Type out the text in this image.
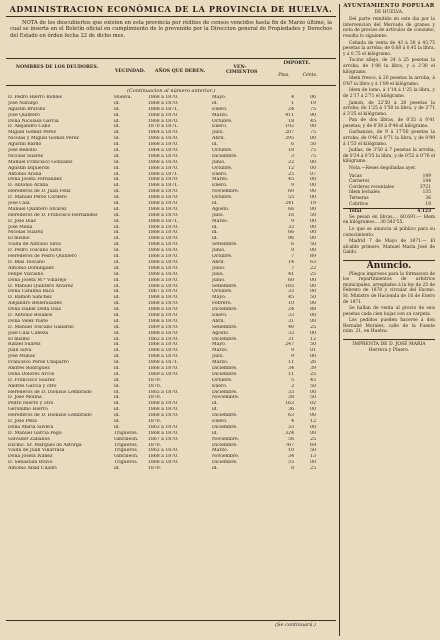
ADMINISTRACION ECONÓMICA DE LA PROVINCIA DE HUELVA.
NOTA de los descubiertos que existen en esta provincia por réditos de censos vencidos hasta fin de Marzo último, la cual se inserta en el Boletín oficial en cumplimiento de lo prevenido por la Direccion general de Propiedades y Derechos del Estado en órden fecha 22 de dicho mes.
NOMBRES DE LOS DEUDORES.
VECINDAD.	AÑOS QUE DEBEN.
VEN- CIMIENTOS
IMPORTE.
Ptas.	Cénts.
(Continuacion al número anterior.)
D. Pedro Hierro Robles	Huelva.	1868 á 1870.	Mayo.	4	06
José Naranjo	id.	1868 á 1870.	id.	1	19
Agustin Bravillo	id.	1868 á 1871.	Enero.	24	75
José Quintero	id.	1868 á 1870.	Marzo.	411	90
Doña Nicolasa Garcia	id.	1868 á 1870.	Octubre.	18	45
D. Alejandro Cano	id.	1870 á 1871.	Enero.	192	00
Miguel Gomez Perez	id.	1864 á 1870.	Julio.	207	75
Nicolás y Miguel Gomez Perez	id.	1866 á 1870.	Abril.	295	00
Agustin Bardo	id.	1868 á 1870.	id.	6	50
José Rebollo	id.	1864 á 1870.	Octubre.	18	75
Nicolás Suarez	id.	1868 á 1870.	Diciembre.	3	75
Manuel Francisco Gonzalez	id.	1868 á 1870.	Junio.	22	00
Agustin Izquierdo	id.	1868 á 1870.	Octubre.	12	00
Antonio Arana	id.	1868 á 1871.	Enero.	25	07
Doña Josefa Fernandez	id.	1868 á 1870.	Marzo.	45	00
D. Antonio Arana	id.	1868 á 1871.	Enero.	9	00
Herederos de D. Juan Feliz	id.	1868 á 1870.	Noviembre.	60	00
D. Manuel Perez Cordero	id.	1868 á 1870.	Octubre.	55	00
José Cala	id.	1868 á 1870.	id.	241	19
Manuel Quintero Alvarez	id.	1868 á 1870.	Agosto.	66	00
Herederos de D. Francisco Hernandez	id.	1868 á 1870.	Julio.	16	50
D. José Diaz	id.	1868 á 1871.	Marzo.	9	00
José Mena	id.	1868 á 1870.	id.	33	00
Nicolás Suarez	id.	1868 á 1870.	id.	66	00
El mismo	id.	1868 á 1870.	id.	96	00
Viuda de Antonio Silva	id.	1868 á 1870.	Setiembre.	6	50
D. Pedro Toscano Silva	id.	1868 á 1870.	Junio.	9	00
Herederos de Pedro Quintero	id.	1868 á 1870.	Octubre.	7	89
D. Blas Toscano	id.	1868 á 1870.	Abril.	14	63
Antonio Dominguez	id.	1868 á 1870.	Junio.	7	22
Felipe Vizcaino	id.	1868 á 1870.	Julio.	41	25
Doña Josefa M.ª Villarejo	id.	1868 á 1870.	Junio.	60	00
D. Manuel Quintero Alvarez	id.	1868 á 1870.	Setiembre.	165	00
Doña Catalina Baca	id.	1867 á 1870.	Octubre.	33	00
D. Ramon Sanchez	id.	1868 á 1870.	Mayo.	45	50
Alejandro Bellerasades	id.	1868 á 1870.	Febrero.	10	00
Doña Isabel Doda Diaz	id.	1868 á 1870.	Diciembre.	24	88
D. Antonio Bolaños	id.	1868 á 1870.	Enero.	33	00
Doña Velez Yuste	id.	1868 á 1870.	Abril.	31	00
D. Manuel Toscano Gallardo	id.	1869 á 1870.	Setiembre.	40	25
José Cala Cabeza	id.	1868 á 1870.	Agosto.	33	00
El mismo	id.	1862 á 1870.	Diciembre.	31	12
Rafael Suarez	id.	1866 á 1870.	Mayo.	247	50
Juan Silva	id.	1866 á 1870.	Marzo.	9	01
José Muñoz	id.	1868 á 1870.	Julio.	9	00
Francisco Perez Chaparro	id.	1868 á 1871.	Marzo.	11	26
Andrés Rodriguez	id.	1868 á 1870.	Diciembre.	34	39
Doña Dolores Arcos	id.	1869 á 1870.	Diciembre.	11	25
D. Francisco Suarez	id.	1870.	Octubre.	5	45
Andrés Garcia y otro	id.	1870.	Enero.	2	50
Herederos de D. Dionisio Lembrado	id.	1865 á 1870.	Diciembre.	33	00
D. José Molina	id.	1870.	Noviembre.	38	50
Pedro Hierro y otro	id.	1868 á 1870.	id.	163	02
Gerónimo Hierro	id.	1868 á 1870.	id.	36	00
Herederos de D. Dionisio Lembrado	id.	1868 á 1870.	Diciembre.	63	00
D. José Pena	id.	1870.	Enero.	4	12
Doña María Silvera	id.	1863 á 1870.	Diciembre.	33	00
D. Manuel Garcia Pego	Trigueros.	1868 á 1870.	id.	324	00
Salvador Zaballos	Gibraleon.	1867 á 1870.	Noviembre.	56	25
Excmo. Sr. Marqués de Astorga	Trigueros.	1870.	Diciembre.	767	69
Viuda de Juan Villarrasa	Trigueros.	1862 á 1870.	Marzo.	10	50
Doña Josefa Ivañez	Gibraleon.	1868 á 1870.	Noviembre.	34	13
D. Sebastian Bravo	Trigueros.	1868 á 1870.	Diciembre.	55	00
Antonio Abad Cuadri	id.	1870.	id.	8	25
(Se continuará.)
AYUNTAMIENTO POPULAR
DE HUELVA.

Del parte remitido en este dia por la intervencion del Mercado de granos y nota de precios de artículos de consumo, resulta lo siguiente:

Cebada de venta de 43 á 50 á 43,75 pesetas la arroba; de 0,68 á 0,45 la libra, y á 0,75 el kilógramo.

Tocino añejo, de 24 á 25 pesetas la arroba; de 1'06 la libra, y á 2'30 el kilógramo.

Idem fresco, á 20 pesetas la arroba; á 0'87 la libra y á 1'89 el kilógramo.

Idem de lomo, á 1'14 á 1'25 la libra, y de 2'17 á 2'71 el kilógramo.

Jamon, de 22'50 á 28 pesetas la arroba; de 1'25 á 1'50 la libra, y de 2'71 á 3'25 el kilógramo.

Pan de dos libras, de 0'35 á 0'41 pesetas; y de 0'38 á 0'44 el kilógramo.

Garbanzos, de 9 á 17'50 pesetas la arroba; de 0'46 á 0'71 la libra, y de 0'99 á 1'53 el kilógramo.

Judías, de 3'50 á 7 pesetas la arroba; de 0'24 á 0'35 la libra, y de 0'52 á 0'76 el kilógramo.

Nota.—Reses degolladas ayer.

Vacas	149
Carneros	144
Corderos recentales	3721
Idem lechales	135
Terneras	36
Cabritos	18
Total	4.123

Se pesan en libras.... 60.691.— Idem en kilógramos... 30.543'55.

Lo que se anuncia al público para su conocimiento.

Madrid 7 de Mayo de 1871.— El alcalde primero, Manuel María José de Galdo.

Anuncio.

Pliegos impresos para la formacion de los repartimientos de arbitrios municipales, arreglados á la ley de 25 de Febrero de 1870 y circular del Excmo. Sr. Ministro de Hacienda de 16 de Enero de 1871.

Se hallan de venta al precio de seis pesetas cada cien hojas con su carpeta.

Los pedidos pueden hacerse á don Bernabé Morales, calle de la Fuente núm. 21, en Huelva.

IMPRENTA DE D. JOSÉ MARÍA Herrera y Pinero.
